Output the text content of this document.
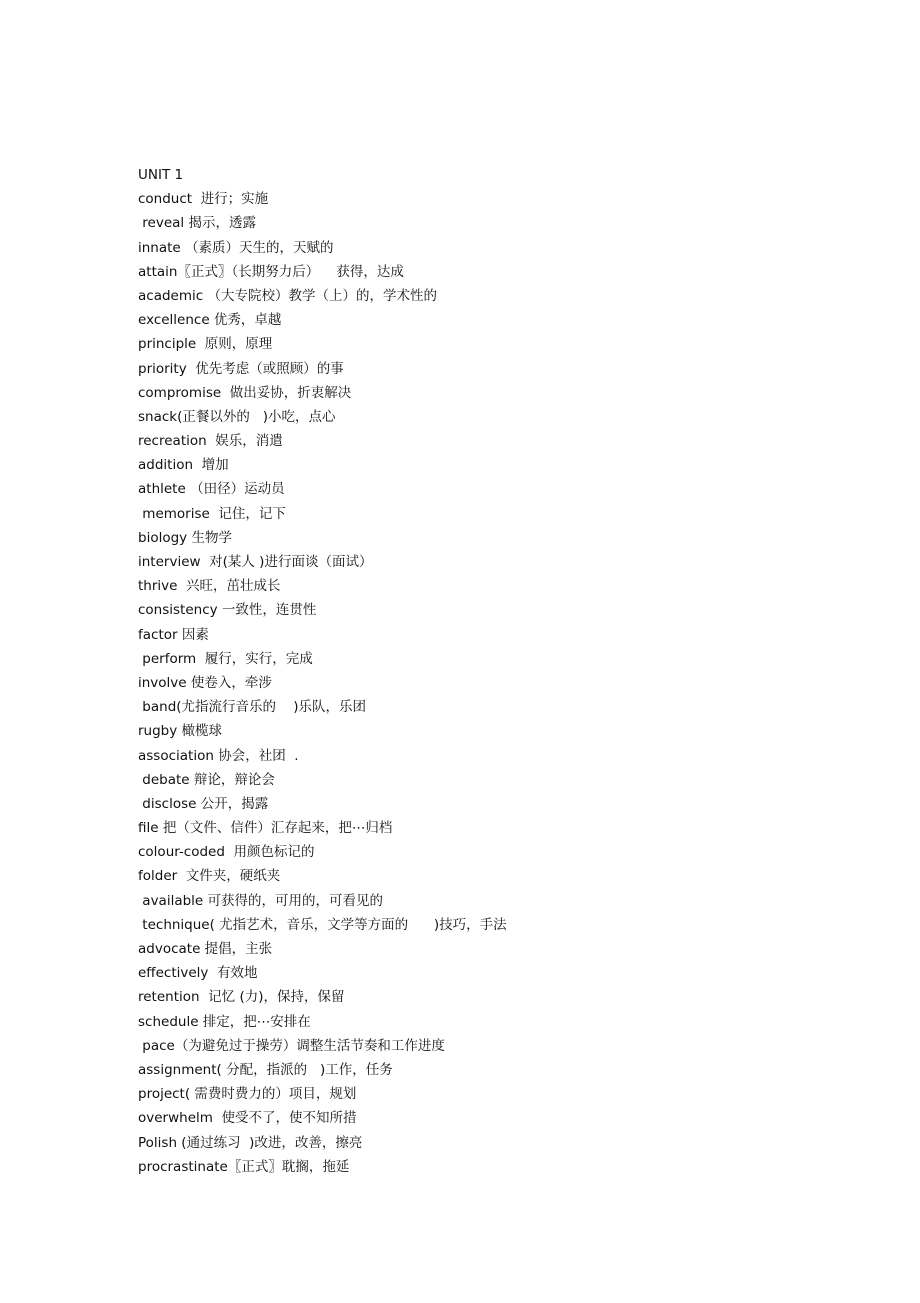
UNIT 1
conduct  进行；实施
reveal 揭示，透露
innate （素质）天生的，天赋的
attain〖正式〗（长期努力后）    获得，达成
academic （大专院校）教学（上）的，学术性的
excellence 优秀，卓越
principle  原则，原理
priority  优先考虑（或照顾）的事
compromise  做出妥协，折衷解决
snack(正餐以外的   )小吃，点心
recreation  娱乐，消遣
addition  增加
athlete （田径）运动员
memorise  记住，记下
biology 生物学
interview  对(某人 )进行面谈（面试）
thrive  兴旺，茁壮成长
consistency 一致性，连贯性
factor 因素
perform  履行，实行，完成
involve 使卷入，牵涉
band(尤指流行音乐的    )乐队，乐团
rugby 橄榄球
association 协会，社团  .
debate 辩论，辩论会
disclose 公开，揭露
file 把（文件、信件）汇存起来，把⋯归档
colour-coded  用颜色标记的
folder  文件夹，硬纸夹
available 可获得的，可用的，可看见的
technique( 尤指艺术，音乐，文学等方面的      )技巧，手法
advocate 提倡，主张
effectively  有效地
retention  记忆 (力)，保持，保留
schedule 排定，把⋯安排在
pace（为避免过于操劳）调整生活节奏和工作进度
assignment( 分配，指派的   )工作，任务
project( 需费时费力的）项目，规划
overwhelm  使受不了，使不知所措
Polish (通过练习  )改进，改善，擦亮
procrastinate〖正式〗耽搁，拖延
